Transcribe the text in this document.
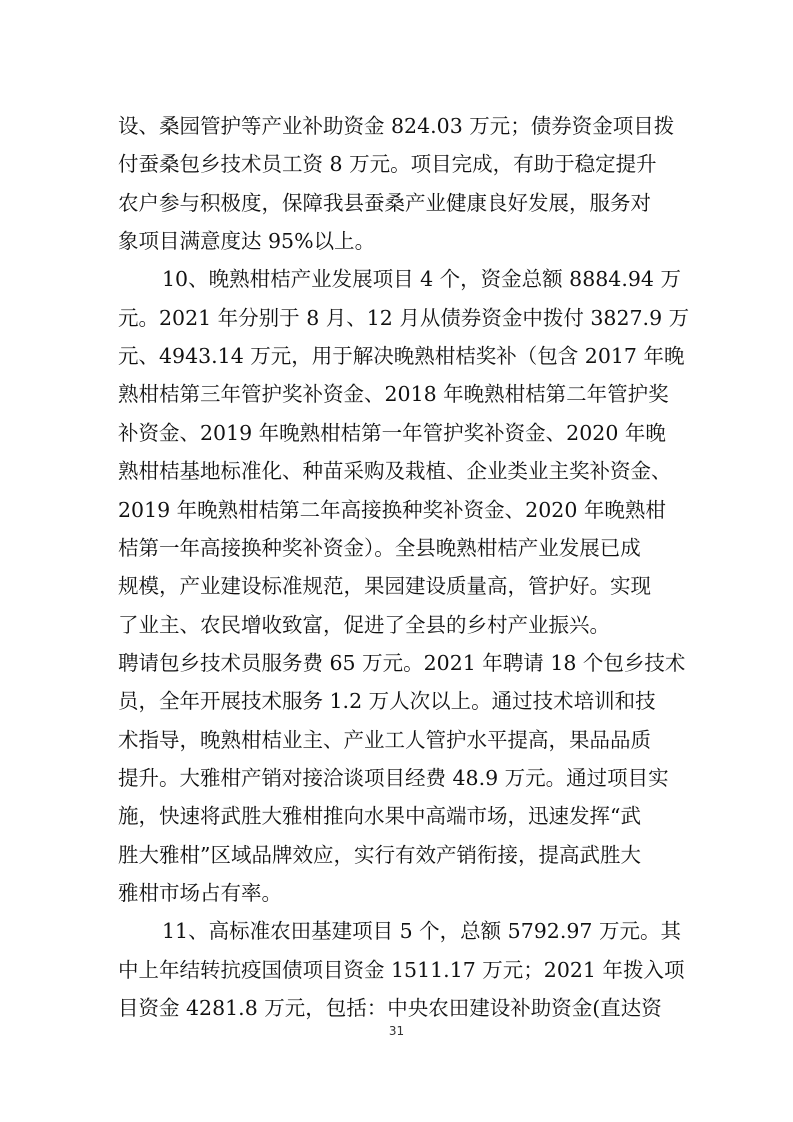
设、桑园管护等产业补助资金 824.03 万元；债券资金项目拨
付蚕桑包乡技术员工资 8 万元。项目完成，有助于稳定提升
农户参与积极度，保障我县蚕桑产业健康良好发展，服务对
象项目满意度达 95%以上。
10、晚熟柑桔产业发展项目 4 个，资金总额 8884.94 万
元。2021 年分别于 8 月、12 月从债券资金中拨付 3827.9 万
元、4943.14 万元，用于解决晚熟柑桔奖补（包含 2017 年晚
熟柑桔第三年管护奖补资金、2018 年晚熟柑桔第二年管护奖
补资金、2019 年晚熟柑桔第一年管护奖补资金、2020 年晚
熟柑桔基地标准化、种苗采购及栽植、企业类业主奖补资金、
2019 年晚熟柑桔第二年高接换种奖补资金、2020 年晚熟柑
桔第一年高接换种奖补资金）。全县晚熟柑桔产业发展已成
规模，产业建设标准规范，果园建设质量高，管护好。实现
了业主、农民增收致富，促进了全县的乡村产业振兴。
聘请包乡技术员服务费 65 万元。2021 年聘请 18 个包乡技术
员，全年开展技术服务 1.2 万人次以上。通过技术培训和技
术指导，晚熟柑桔业主、产业工人管护水平提高，果品品质
提升。大雅柑产销对接洽谈项目经费 48.9 万元。通过项目实
施，快速将武胜大雅柑推向水果中高端市场，迅速发挥“武
胜大雅柑”区域品牌效应，实行有效产销衔接，提高武胜大
雅柑市场占有率。
11、高标准农田基建项目 5 个，总额 5792.97 万元。其
中上年结转抗疫国债项目资金 1511.17 万元；2021 年拨入项
目资金 4281.8 万元，包括：中央农田建设补助资金(直达资
31
